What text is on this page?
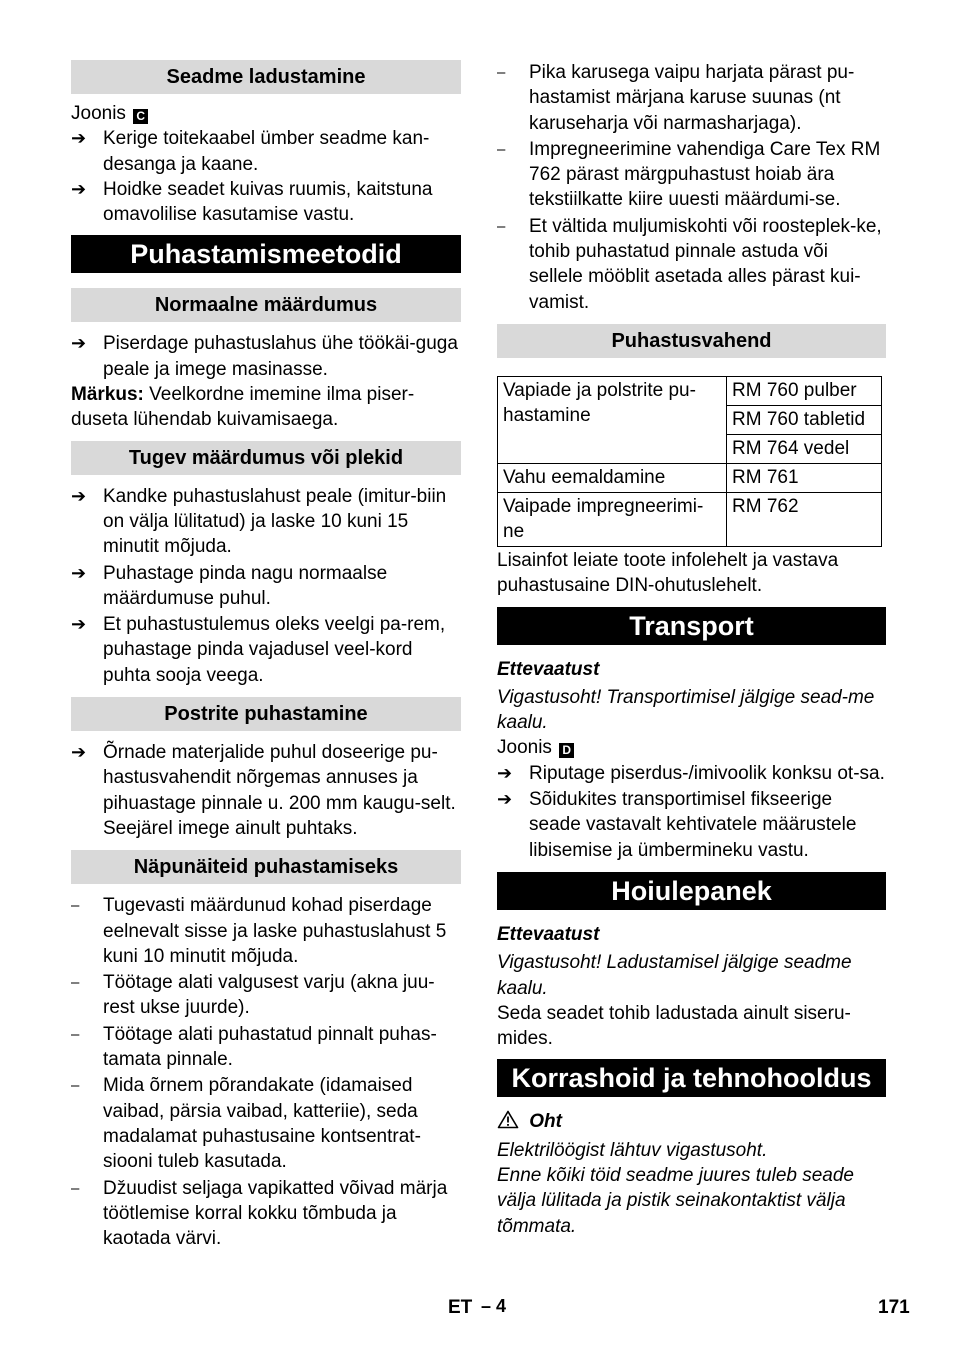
Seadme ladustamine

Joonis C

➔ Kerige toitekaabel ümber seadme kan-desanga ja kaane.
➔ Hoidke seadet kuivas ruumis, kaitstuna omavolilise kasutamise vastu.
Puhastamismeetodid
Normaalne määrdumus
➔ Piserdage puhastuslahus ühe töökäi-guga peale ja imege masinasse.

Märkus: Veelkordne imemine ilma piser-duseta lühendab kuivamisaega.

Tugev määrdumus või plekid
➔ Kandke puhastuslahust peale (imitur-biin on välja lülitatud) ja laske 10 kuni 15 minutit mõjuda.
➔ Puhastage pinda nagu normaalse määrdumuse puhul.
➔ Et puhastustulemus oleks veelgi pa-rem, puhastage pinda vajadusel veel-kord puhta sooja veega.
Postrite puhastamine
➔ Õrnade materjalide puhul doseerige pu-hastusvahendit nõrgemas annuses ja pihuastage pinnale u. 200 mm kaugu-selt. Seejärel imege ainult puhtaks.
Näpunäiteid puhastamiseks
–	Tugevasti määrdunud kohad piserdage eelnevalt sisse ja laske puhastuslahust 5 kuni 10 minutit mõjuda.
–	Töötage alati valgusest varju (akna juu-rest ukse juurde).
–	Töötage alati puhastatud pinnalt puhas-tamata pinnale.
–	Mida õrnem põrandakate (idamaised vaibad, pärsia vaibad, katteriie), seda madalamat puhastusaine kontsentrat-siooni tuleb kasutada.
–	Džuudist seljaga vapikatted võivad märja töötlemise korral kokku tõmbuda ja kaotada värvi.
–	Pika karusega vaipu harjata pärast pu-hastamist märjana karuse suunas (nt karuseharja või narmasharjaga).
–	Impregneerimine vahendiga Care Tex RM 762 pärast märgpuhastust hoiab ära tekstiilkatte kiire uuesti määrdumi-se.
–	Et vältida muljumiskohti või roosteplek-ke, tohib puhastatud pinnale astuda või sellele mööblit asetada alles pärast kui-vamist.
Puhastusvahend
Vapiade ja polstrite pu-hastamine	RM 760 pulber
	RM 760 tabletid
	RM 764 vedel
Vahu eemaldamine	RM 761
Vaipade impregneerimi-ne	RM 762

Lisainfot leiate toote infolehelt ja vastava puhastusaine DIN-ohutuslehelt.

Transport

Ettevaatust

Vigastusoht! Transportimisel jälgige sead-me kaalu.

Joonis D

➔ Riputage piserdus-/imivoolik konksu ot-sa.
➔ Sõidukites transportimisel fikseerige seade vastavalt kehtivatele määrustele libisemise ja ümbermineku vastu.
Hoiulepanek

Ettevaatust

Vigastusoht! Ladustamisel jälgige seadme kaalu.

Seda seadet tohib ladustada ainult siseru-mides.

Korrashoid ja tehnohooldus

Oht

Elektrilöögist lähtuv vigastusoht.

Enne kõiki töid seadme juures tuleb seade välja lülitada ja pistik seinakontaktist välja tõmmata.

ET – 4	171
